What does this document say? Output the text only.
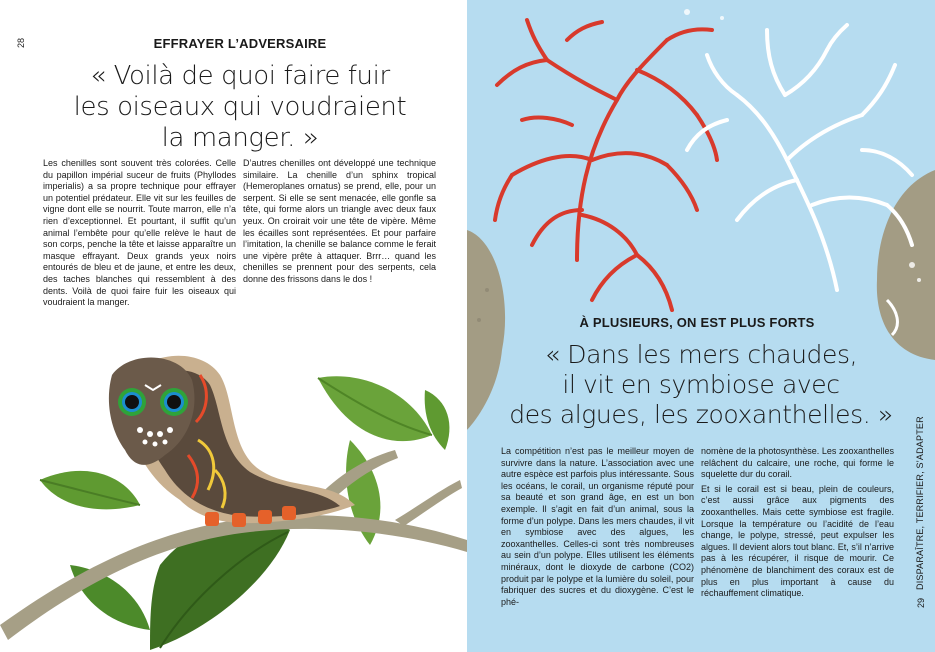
28	EFFRAYER L’ADVERSAIRE
« Voilà de quoi faire fuir
les oiseaux qui voudraient
la manger. »

Les chenilles sont souvent très colorées. Celle du papillon impérial suceur de fruits (Phyllodes imperialis) a sa propre technique pour effrayer un potentiel prédateur. Elle vit sur les feuilles de vigne dont elle se nourrit. Toute marron, elle n’a rien d’exceptionnel. Et pourtant, il suffit qu’un animal l’embête pour qu’elle relève le haut de son corps, penche la tête et laisse apparaître un masque effrayant. Deux grands yeux noirs entourés de bleu et de jaune, et entre les deux, des taches blanches qui ressemblent à des dents. Voilà de quoi faire fuir les oiseaux qui voudraient la manger.

D’autres chenilles ont développé une technique similaire. La chenille d’un sphinx tropical (Hemeroplanes ornatus) se prend, elle, pour un serpent. Si elle se sent menacée, elle gonfle sa tête, qui forme alors un triangle avec deux faux yeux. On croirait voir une tête de vipère. Même les écailles sont représentées. Et pour parfaire l’imitation, la chenille se balance comme le ferait une vipère prête à attaquer. Brrr… quand les chenilles se prennent pour des serpents, cela donne des frissons dans le dos !

À PLUSIEURS, ON EST PLUS FORTS
« Dans les mers chaudes,
il vit en symbiose avec
des algues, les zooxanthelles. »

La compétition n’est pas le meilleur moyen de survivre dans la nature. L’association avec une autre espèce est parfois plus intéressante. Sous les océans, le corail, un organisme réputé pour sa beauté et son grand âge, en est un bon exemple. Il s’agit en fait d’un animal, sous la forme d’un polype. Dans les mers chaudes, il vit en symbiose avec des algues, les zooxanthelles. Celles-ci sont très nombreuses au sein d’un polype. Elles utilisent les éléments minéraux, dont le dioxyde de carbone (CO2) produit par le polype et la lumière du soleil, pour fabriquer des sucres et du dioxygène. C’est le phé-

nomène de la photosynthèse. Les zooxanthelles relâchent du calcaire, une roche, qui forme le squelette dur du corail.

Et si le corail est si beau, plein de couleurs, c’est aussi grâce aux pigments des zooxanthelles. Mais cette symbiose est fragile. Lorsque la température ou l’acidité de l’eau change, le polype, stressé, peut expulser les algues. Il devient alors tout blanc. Et, s’il n’arrive pas à les récupérer, il risque de mourir. Ce phénomène de blanchiment des coraux est de plus en plus important à cause du réchauffement climatique.

DISPARAÎTRE, TERRIFIER, S’ADAPTER
29
